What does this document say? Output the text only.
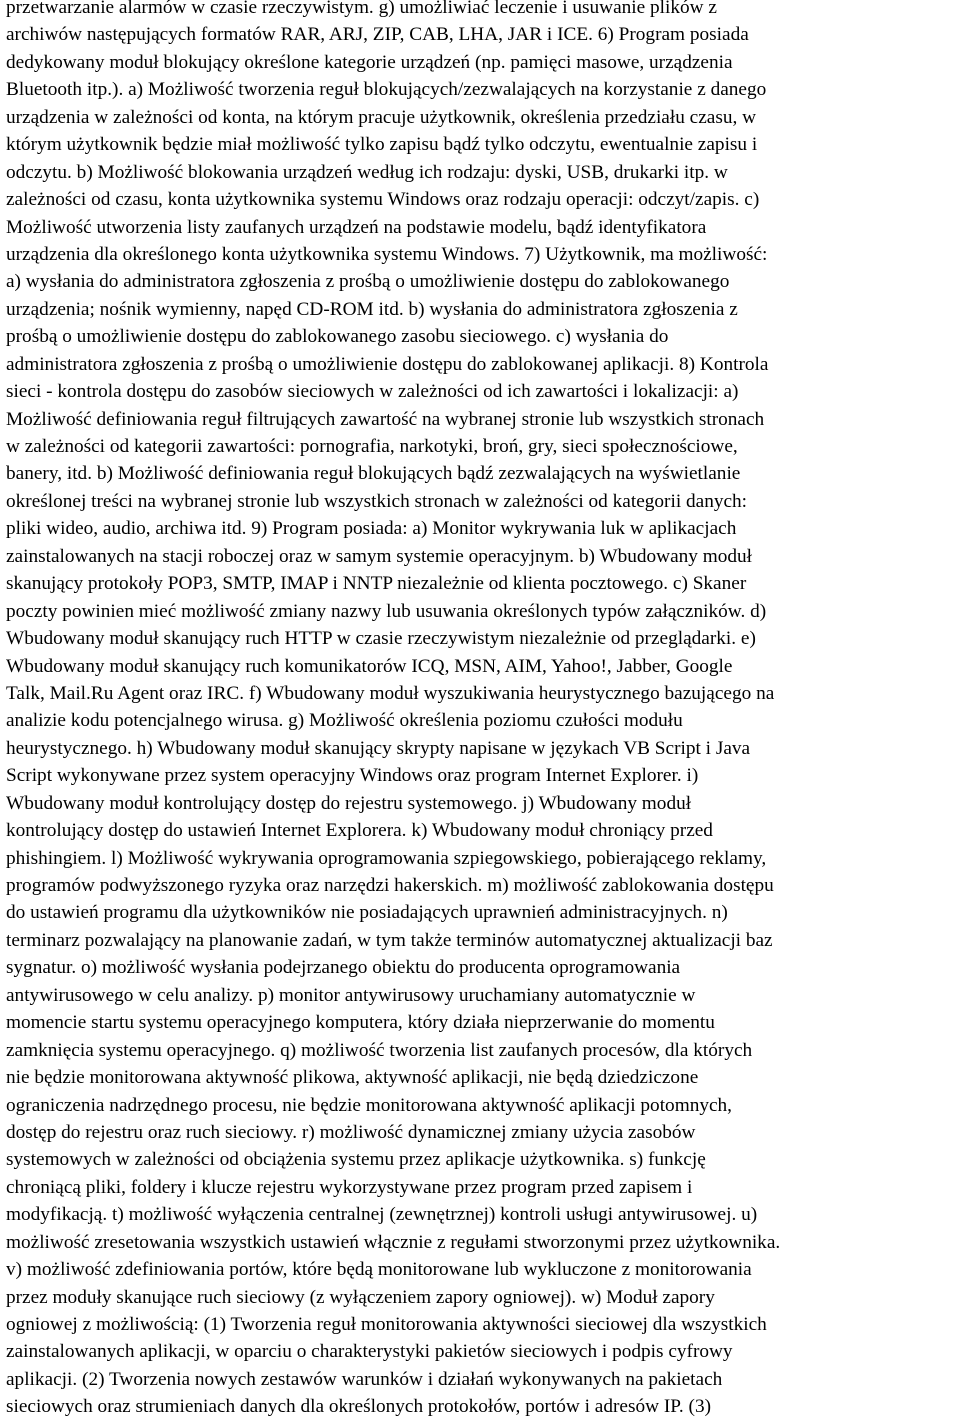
przetwarzanie alarmów w czasie rzeczywistym. g) umożliwiać leczenie i usuwanie plików z
archiwów następujących formatów RAR, ARJ, ZIP, CAB, LHA, JAR i ICE. 6) Program posiada
dedykowany moduł blokujący określone kategorie urządzeń (np. pamięci masowe, urządzenia
Bluetooth itp.). a) Możliwość tworzenia reguł blokujących/zezwalających na korzystanie z danego
urządzenia w zależności od konta, na którym pracuje użytkownik, określenia przedziału czasu, w
którym użytkownik będzie miał możliwość tylko zapisu bądź tylko odczytu, ewentualnie zapisu i
odczytu. b) Możliwość blokowania urządzeń według ich rodzaju: dyski, USB, drukarki itp. w
zależności od czasu, konta użytkownika systemu Windows oraz rodzaju operacji: odczyt/zapis. c)
Możliwość utworzenia listy zaufanych urządzeń na podstawie modelu, bądź identyfikatora
urządzenia dla określonego konta użytkownika systemu Windows. 7) Użytkownik, ma możliwość:
a) wysłania do administratora zgłoszenia z prośbą o umożliwienie dostępu do zablokowanego
urządzenia; nośnik wymienny, napęd CD-ROM itd. b) wysłania do administratora zgłoszenia z
prośbą o umożliwienie dostępu do zablokowanego zasobu sieciowego. c) wysłania do
administratora zgłoszenia z prośbą o umożliwienie dostępu do zablokowanej aplikacji. 8) Kontrola
sieci - kontrola dostępu do zasobów sieciowych w zależności od ich zawartości i lokalizacji: a)
Możliwość definiowania reguł filtrujących zawartość na wybranej stronie lub wszystkich stronach
w zależności od kategorii zawartości: pornografia, narkotyki, broń, gry, sieci społecznościowe,
banery, itd. b) Możliwość definiowania reguł blokujących bądź zezwalających na wyświetlanie
określonej treści na wybranej stronie lub wszystkich stronach w zależności od kategorii danych:
pliki wideo, audio, archiwa itd. 9) Program posiada: a) Monitor wykrywania luk w aplikacjach
zainstalowanych na stacji roboczej oraz w samym systemie operacyjnym. b) Wbudowany moduł
skanujący protokoły POP3, SMTP, IMAP i NNTP niezależnie od klienta pocztowego. c) Skaner
poczty powinien mieć możliwość zmiany nazwy lub usuwania określonych typów załączników. d)
Wbudowany moduł skanujący ruch HTTP w czasie rzeczywistym niezależnie od przeglądarki. e)
Wbudowany moduł skanujący ruch komunikatorów ICQ, MSN, AIM, Yahoo!, Jabber, Google
Talk, Mail.Ru Agent oraz IRC. f) Wbudowany moduł wyszukiwania heurystycznego bazującego na
analizie kodu potencjalnego wirusa. g) Możliwość określenia poziomu czułości modułu
heurystycznego. h) Wbudowany moduł skanujący skrypty napisane w językach VB Script i Java
Script wykonywane przez system operacyjny Windows oraz program Internet Explorer. i)
Wbudowany moduł kontrolujący dostęp do rejestru systemowego. j) Wbudowany moduł
kontrolujący dostęp do ustawień Internet Explorera. k) Wbudowany moduł chroniący przed
phishingiem. l) Możliwość wykrywania oprogramowania szpiegowskiego, pobierającego reklamy,
programów podwyższonego ryzyka oraz narzędzi hakerskich. m) możliwość zablokowania dostępu
do ustawień programu dla użytkowników nie posiadających uprawnień administracyjnych. n)
terminarz pozwalający na planowanie zadań, w tym także terminów automatycznej aktualizacji baz
sygnatur. o) możliwość wysłania podejrzanego obiektu do producenta oprogramowania
antywirusowego w celu analizy. p) monitor antywirusowy uruchamiany automatycznie w
momencie startu systemu operacyjnego komputera, który działa nieprzerwanie do momentu
zamknięcia systemu operacyjnego. q) możliwość tworzenia list zaufanych procesów, dla których
nie będzie monitorowana aktywność plikowa, aktywność aplikacji, nie będą dziedziczone
ograniczenia nadrzędnego procesu, nie będzie monitorowana aktywność aplikacji potomnych,
dostęp do rejestru oraz ruch sieciowy. r) możliwość dynamicznej zmiany użycia zasobów
systemowych w zależności od obciążenia systemu przez aplikacje użytkownika. s) funkcję
chroniącą pliki, foldery i klucze rejestru wykorzystywane przez program przed zapisem i
modyfikacją. t) możliwość wyłączenia centralnej (zewnętrznej) kontroli usługi antywirusowej. u)
możliwość zresetowania wszystkich ustawień włącznie z regułami stworzonymi przez użytkownika.
v) możliwość zdefiniowania portów, które będą monitorowane lub wykluczone z monitorowania
przez moduły skanujące ruch sieciowy (z wyłączeniem zapory ogniowej). w) Moduł zapory
ogniowej z możliwością: (1) Tworzenia reguł monitorowania aktywności sieciowej dla wszystkich
zainstalowanych aplikacji, w oparciu o charakterystyki pakietów sieciowych i podpis cyfrowy
aplikacji. (2) Tworzenia nowych zestawów warunków i działań wykonywanych na pakietach
sieciowych oraz strumieniach danych dla określonych protokołów, portów i adresów IP. (3)
